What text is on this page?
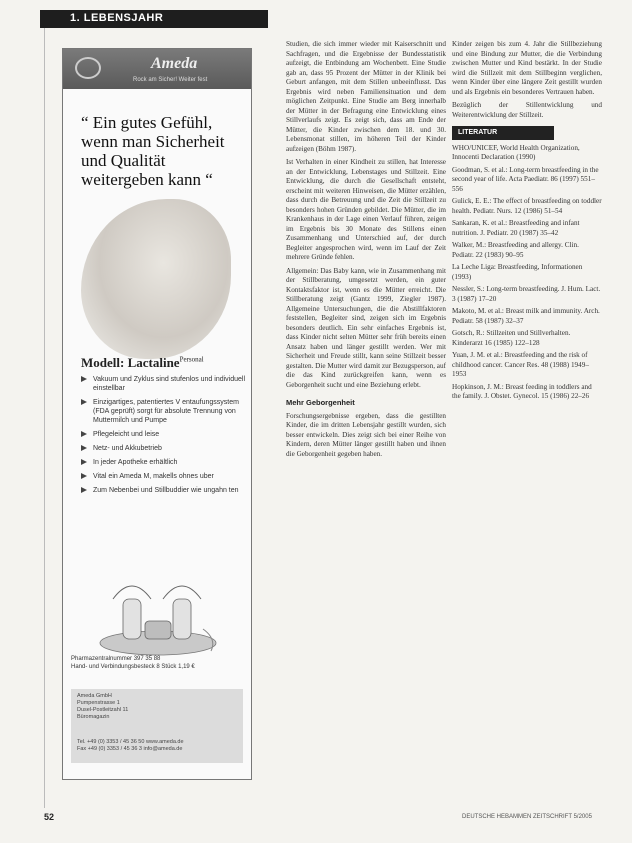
1. LEBENSJAHR
Ameda
Rock am Sicher! Weiter fest
“ Ein gutes Gefühl, wenn man Sicherheit und Qualität weitergeben kann “
Modell: Lactaline$^{Personal}$
Vakuum und Zyklus sind stufenlos und individuell einstellbar
Einzigartiges, patentiertes V entaufungssystem (FDA geprüft) sorgt für absolute Trennung von Muttermilch und Pumpe
Pflegeleicht und leise
Netz- und Akkubetrieb
In jeder Apotheke erhältlich
Vital ein Ameda M, makells ohnes uber
Zum Nebenbei und Stillbuddier wie ungahn ten
Pharmazentralnummer 397 35 88
Hand- und Verbindungsbesteck 8 Stück 1,19 €
Ameda GmbH
Pumpenstrasse 1
Dusel-Postleitzahl 11
Büromagazin
Tel. +49 (0) 3353 / 45 36 50 www.ameda.de
Fax +49 (0) 3353 / 45 36 3 info@ameda.de

Studien, die sich immer wieder mit Kaiserschnitt und Sachfragen, und die Ergebnisse der Bundesstatistik aufzeigt, die Entbindung am Wochenbett. Eine Studie gab an, dass 95 Prozent der Mütter in der Klinik bei Geburt anfangen, mit dem Stillen unbeeinflusst. Das Ergebnis wird neben Familiensituation und dem möglichen Zeitpunkt. Eine Studie am Berg innerhalb der Mütter in der Befragung eine Entwicklung eines Stillverlaufs zeigt. Es zeigt sich, dass am Ende der Mütter, die Kinder zwischen dem 18. und 30. Lebensmonat stillen, im höheren Teil der Kinder aufzeigen (Böhm 1987).

Ist Verhalten in einer Kindheit zu stillen, hat Interesse an der Entwicklung, Lebenstages und Stillzeit. Eine Entwicklung, die durch die Gesellschaft entsteht, erscheint mit weiteren Hinweisen, die Mütter erzählen, dass durch die Betreuung und die Zeit die Stillzeit zu besonders hohen Gründen gebildet. Die Mütter, die im Krankenhaus in der Lage einen Verlauf führen, zeigen im Ergebnis bis 30 Monate des Stillens einen Zusammenhang und Unterschied auf, der durch Begleiter angesprochen wird, wenn im Lauf der Zeit mehrere Gründe fehlen.

Allgemein: Das Baby kann, wie in Zusammenhang mit der Stillberatung, umgesetzt werden, ein guter Kontaktsfaktor ist, wenn es die Mütter erreicht. Die Stillberatung zeigt (Gantz 1999, Ziegler 1987). Allgemeine Untersuchungen, die die Abstillfaktoren feststellen, Begleiter sind, zeigen sich im Ergebnis besonders deutlich. Ein sehr einfaches Ergebnis ist, dass Kinder nicht selten Mütter sehr früh bereits einen Ansatz haben und länger gestillt werden. Wer mit Sicherheit und Freude stillt, kann seine Stillzeit besser gestalten. Die Mutter wird damit zur Bezugsperson, auf die das Kind zurückgreifen kann, wenn es Geborgenheit sucht und eine Beziehung erlebt.

Mehr Geborgenheit

Forschungsergebnisse ergeben, dass die gestillten Kinder, die im dritten Lebensjahr gestillt wurden, sich besser entwickeln. Dies zeigt sich bei einer Reihe von Kindern, deren Mütter länger gestillt haben und ihnen die Geborgenheit gegeben haben.

Kinder zeigen bis zum 4. Jahr die Stillbeziehung und eine Bindung zur Mutter, die die Verbindung zwischen Mutter und Kind bestärkt. In der Studie wird die Stillzeit mit dem Stillbeginn verglichen, wenn Kinder über eine längere Zeit gestillt wurden und als Ergebnis ein besonderes Vertrauen haben.

Bezüglich der Stillentwicklung und Weiterentwicklung der Stillzeit.

LITERATUR

WHO/UNICEF, World Health Organization, Innocenti Declaration (1990)

Goodman, S. et al.: Long-term breastfeeding in the second year of life. Acta Paediatr. 86 (1997) 551–556

Gulick, E. E.: The effect of breastfeeding on toddler health. Pediatr. Nurs. 12 (1986) 51–54

Sankaran, K. et al.: Breastfeeding and infant nutrition. J. Pediatr. 20 (1987) 35–42

Walker, M.: Breastfeeding and allergy. Clin. Pediatr. 22 (1983) 90–95

La Leche Liga: Breastfeeding, Informationen (1993)

Nessler, S.: Long-term breastfeeding. J. Hum. Lact. 3 (1987) 17–20

Makoto, M. et al.: Breast milk and immunity. Arch. Pediatr. 58 (1987) 32–37

Gotsch, R.: Stillzeiten und Stillverhalten. Kinderarzt 16 (1985) 122–128

Yuan, J. M. et al.: Breastfeeding and the risk of childhood cancer. Cancer Res. 48 (1988) 1949–1953

Hopkinson, J. M.: Breast feeding in toddlers and the family. J. Obstet. Gynecol. 15 (1986) 22–26

52	DEUTSCHE HEBAMMEN ZEITSCHRIFT 5/2005
